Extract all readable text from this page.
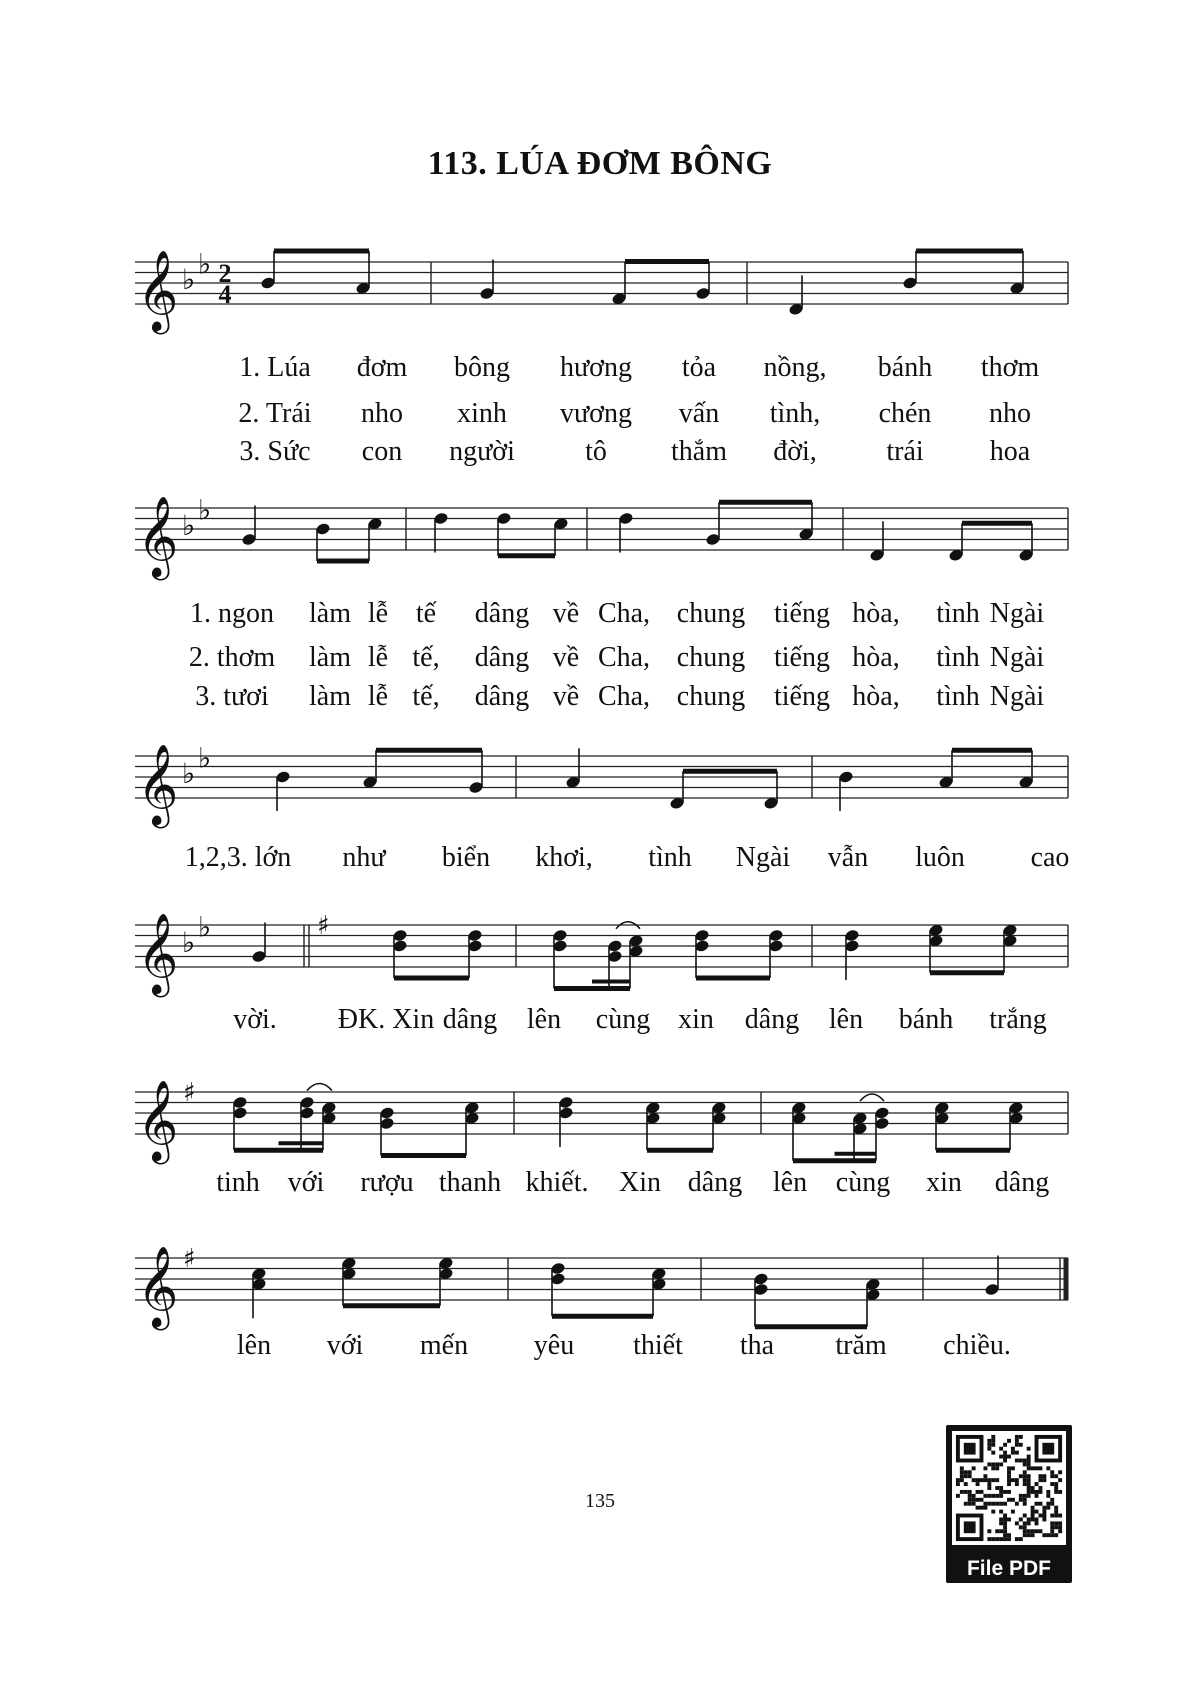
113. LÚA ĐƠM BÔNG
𝄞 ♭ ♭ 2
4
𝄞 ♭ ♭
𝄞 ♭ ♭
𝄞 ♭ ♭	♯
𝄞 ♯
𝄞 ♯
1. Lúa đơm bông hương tỏa nồng, bánh thơm
2. Trái nho xinh vương vấn tình, chén nho
3. Sức con người	tô thắm đời, trái hoa
1. ngon làm lễ tế dâng về Cha, chung tiếng hòa, tình Ngài
2. thơm làm lễ tế, dâng về Cha, chung tiếng hòa, tình Ngài
3. tươi làm lễ tế, dâng về Cha, chung tiếng hòa, tình Ngài
1,2,3. lớn như biển khơi, tình Ngài vẫn luôn cao
vời. ĐK. Xin dâng lên cùng xin dâng lên bánh trắng
tinh với rượu thanh khiết. Xin dâng lên cùng xin dâng
lên với mến yêu thiết tha trăm chiều.
135
File PDF
